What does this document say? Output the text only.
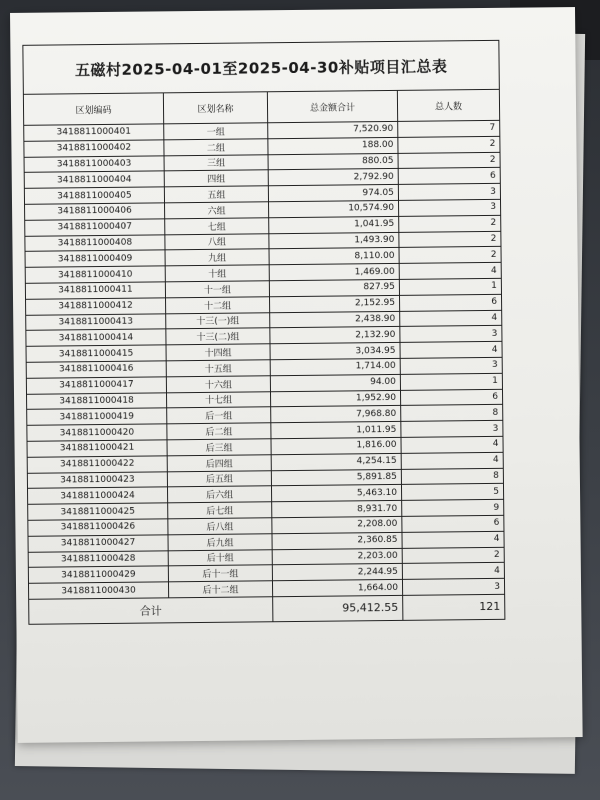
五磁村2025-04-01至2025-04-30补贴项目汇总表			
区划编码	区划名称	总金额合计	总人数
3418811000401	一组	7,520.90	7
3418811000402	二组	188.00	2
3418811000403	三组	880.05	2
3418811000404	四组	2,792.90	6
3418811000405	五组	974.05	3
3418811000406	六组	10,574.90	3
3418811000407	七组	1,041.95	2
3418811000408	八组	1,493.90	2
3418811000409	九组	8,110.00	2
3418811000410	十组	1,469.00	4
3418811000411	十一组	827.95	1
3418811000412	十二组	2,152.95	6
3418811000413	十三(一)组	2,438.90	4
3418811000414	十三(二)组	2,132.90	3
3418811000415	十四组	3,034.95	4
3418811000416	十五组	1,714.00	3
3418811000417	十六组	94.00	1
3418811000418	十七组	1,952.90	6
3418811000419	后一组	7,968.80	8
3418811000420	后二组	1,011.95	3
3418811000421	后三组	1,816.00	4
3418811000422	后四组	4,254.15	4
3418811000423	后五组	5,891.85	8
3418811000424	后六组	5,463.10	5
3418811000425	后七组	8,931.70	9
3418811000426	后八组	2,208.00	6
3418811000427	后九组	2,360.85	4
3418811000428	后十组	2,203.00	2
3418811000429	后十一组	2,244.95	4
3418811000430	后十二组	1,664.00	3
合计		95,412.55	121
